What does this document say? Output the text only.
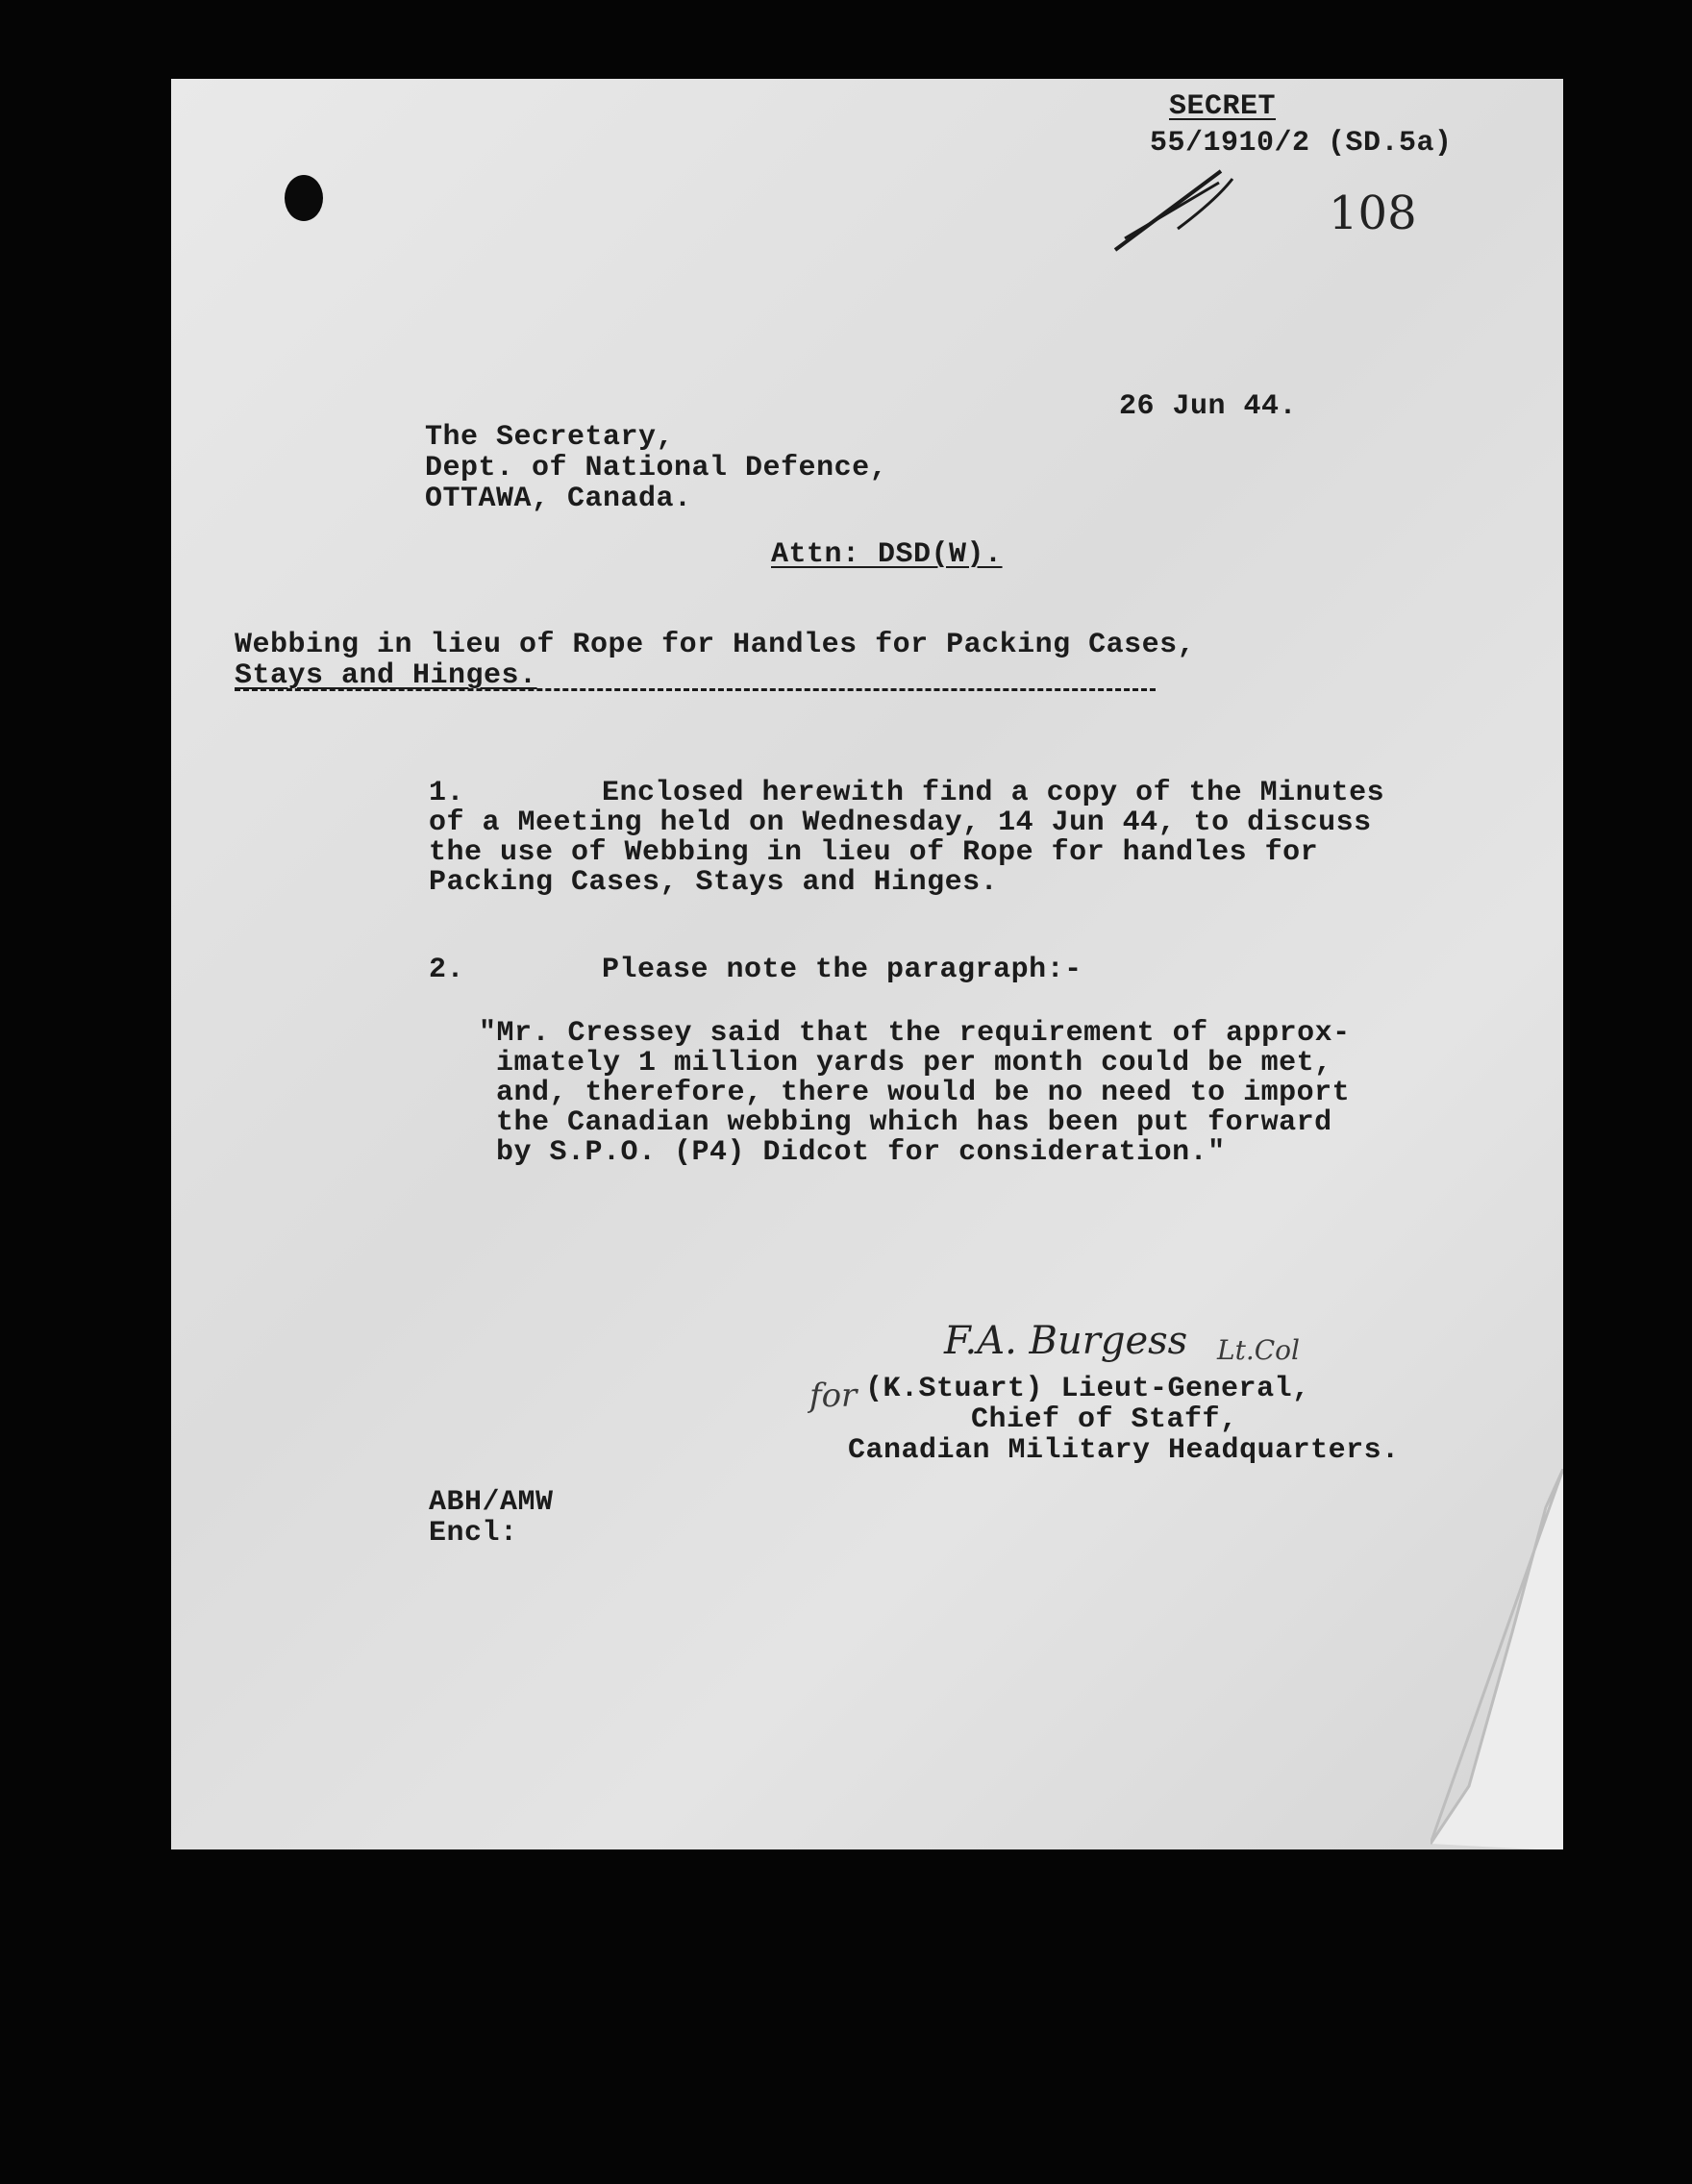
SECRET
55/1910/2 (SD.5a)
108
26 Jun 44.
The Secretary,
Dept. of National Defence,
OTTAWA, Canada.
Attn: DSD(W).
Webbing in lieu of Rope for Handles for Packing Cases,
Stays and Hinges.
1.	Enclosed herewith find a copy of the Minutes
of a Meeting held on Wednesday, 14 Jun 44, to discuss
the use of Webbing in lieu of Rope for handles for
Packing Cases, Stays and Hinges.
2.	Please note the paragraph:-
"Mr. Cressey said that the requirement of approx-
imately 1 million yards per month could be met,
and, therefore, there would be no need to import
the Canadian webbing which has been put forward
by S.P.O. (P4) Didcot for consideration."
F.A. Burgess Lt.Col
for (K.Stuart) Lieut-General,
Chief of Staff,
Canadian Military Headquarters.
ABH/AMW
Encl:
